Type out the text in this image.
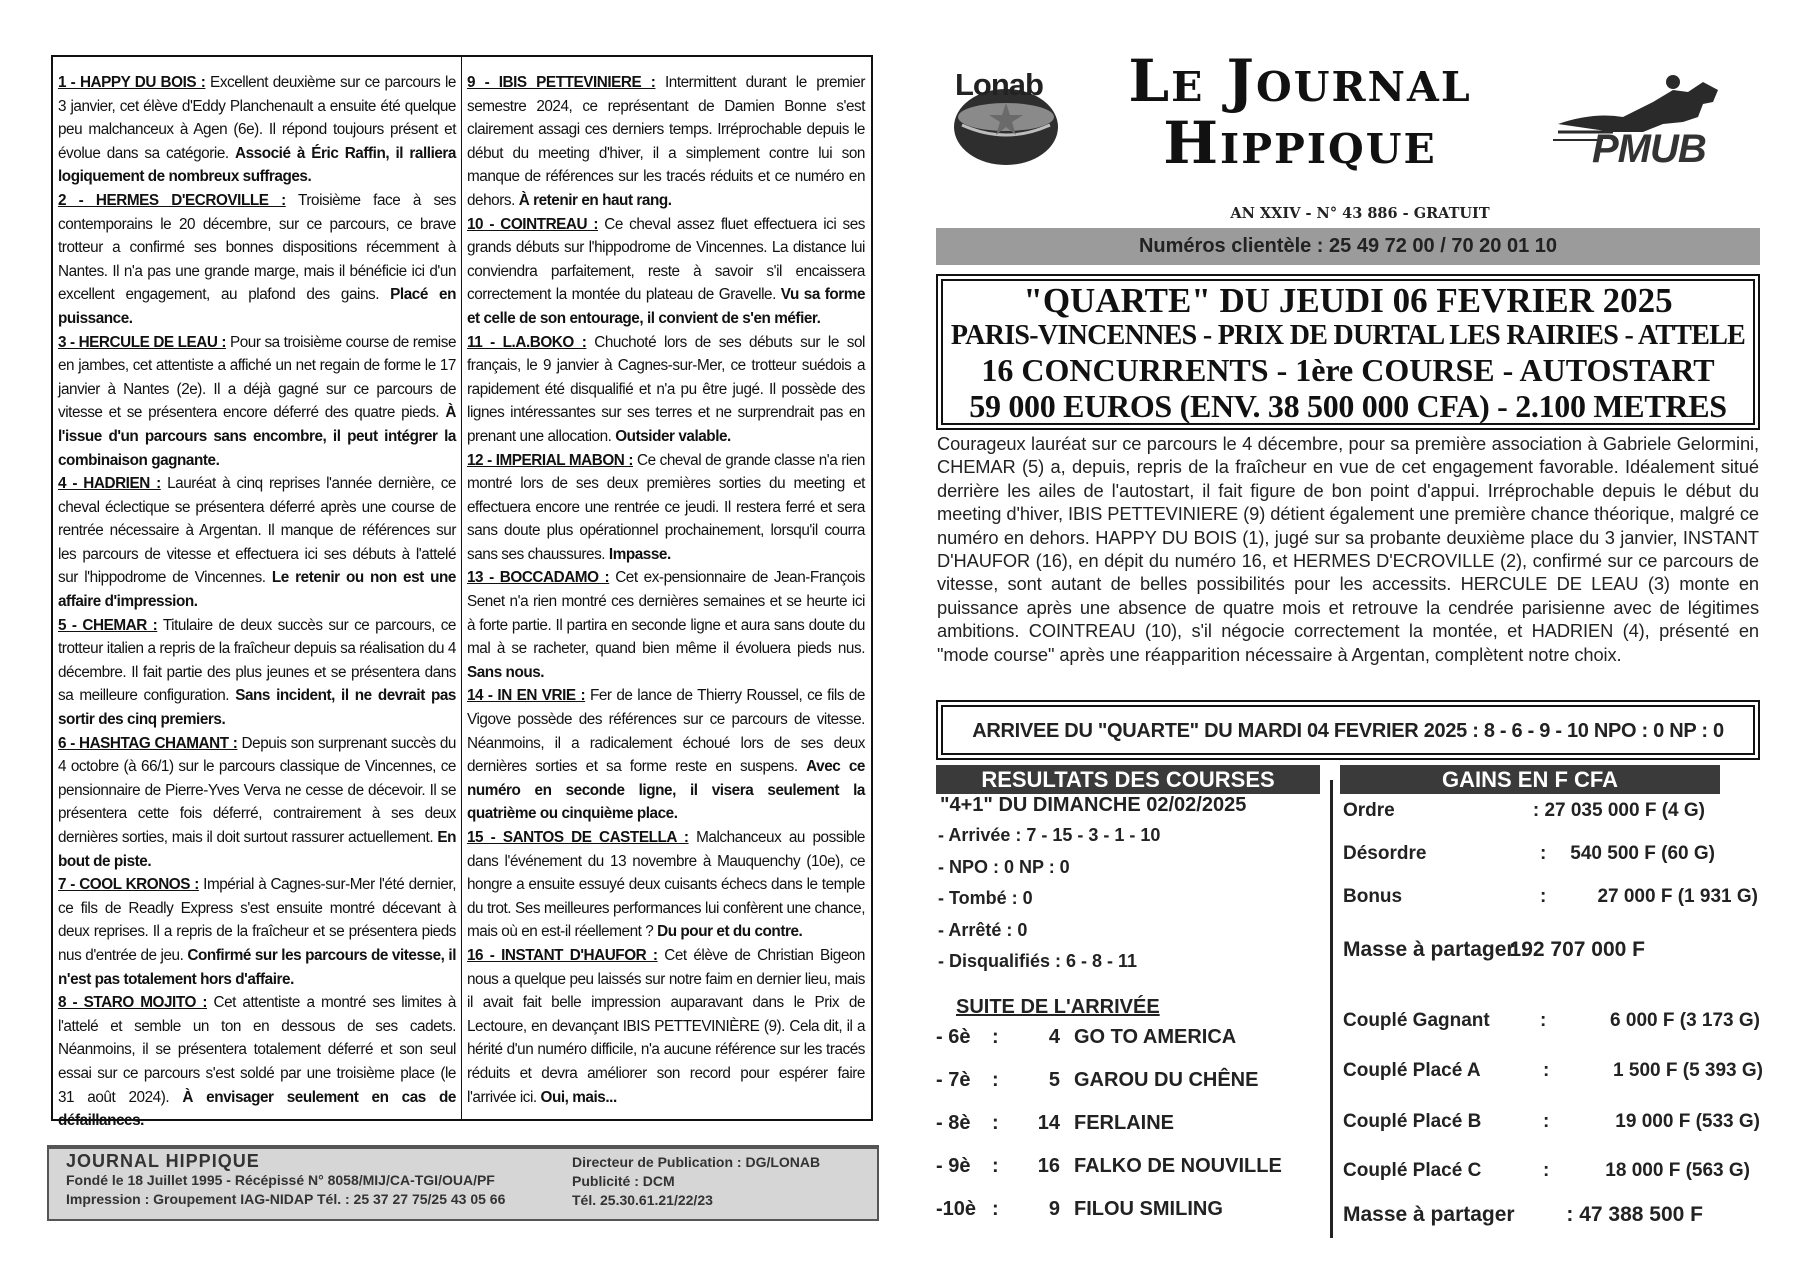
1 - HAPPY DU BOIS : Excellent deuxième sur ce parcours le 3 janvier, cet élève d'Eddy Planchenault a ensuite été quelque peu malchanceux à Agen (6e). Il répond toujours présent et évolue dans sa catégorie. Associé à Éric Raffin, il ralliera logiquement de nombreux suffrages.

2 - HERMES D'ECROVILLE : Troisième face à ses contemporains le 20 décembre, sur ce parcours, ce brave trotteur a confirmé ses bonnes dispositions récemment à Nantes. Il n'a pas une grande marge, mais il bénéficie ici d'un excellent engagement, au plafond des gains. Placé en puissance.

3 - HERCULE DE LEAU : Pour sa troisième course de remise en jambes, cet attentiste a affiché un net regain de forme le 17 janvier à Nantes (2e). Il a déjà gagné sur ce parcours de vitesse et se présentera encore déferré des quatre pieds. À l'issue d'un parcours sans encombre, il peut intégrer la combinaison gagnante.

4 - HADRIEN : Lauréat à cinq reprises l'année dernière, ce cheval éclectique se présentera déferré après une course de rentrée nécessaire à Argentan. Il manque de références sur les parcours de vitesse et effectuera ici ses débuts à l'attelé sur l'hippodrome de Vincennes. Le retenir ou non est une affaire d'impression.

5 - CHEMAR : Titulaire de deux succès sur ce parcours, ce trotteur italien a repris de la fraîcheur depuis sa réalisation du 4 décembre. Il fait partie des plus jeunes et se présentera dans sa meilleure configuration. Sans incident, il ne devrait pas sortir des cinq premiers.

6 - HASHTAG CHAMANT : Depuis son surprenant succès du 4 octobre (à 66/1) sur le parcours classique de Vincennes, ce pensionnaire de Pierre-Yves Verva ne cesse de décevoir. Il se présentera cette fois déferré, contrairement à ses deux dernières sorties, mais il doit surtout rassurer actuellement. En bout de piste.

7 - COOL KRONOS : Impérial à Cagnes-sur-Mer l'été dernier, ce fils de Readly Express s'est ensuite montré décevant à deux reprises. Il a repris de la fraîcheur et se présentera pieds nus d'entrée de jeu. Confirmé sur les parcours de vitesse, il n'est pas totalement hors d'affaire.

8 - STARO MOJITO : Cet attentiste a montré ses limites à l'attelé et semble un ton en dessous de ses cadets. Néanmoins, il se présentera totalement déferré et son seul essai sur ce parcours s'est soldé par une troisième place (le 31 août 2024). À envisager seulement en cas de défaillances.

9 - IBIS PETTEVINIERE : Intermittent durant le premier semestre 2024, ce représentant de Damien Bonne s'est clairement assagi ces derniers temps. Irréprochable depuis le début du meeting d'hiver, il a simplement contre lui son manque de références sur les tracés réduits et ce numéro en dehors. À retenir en haut rang.

10 - COINTREAU : Ce cheval assez fluet effectuera ici ses grands débuts sur l'hippodrome de Vincennes. La distance lui conviendra parfaitement, reste à savoir s'il encaissera correctement la montée du plateau de Gravelle. Vu sa forme et celle de son entourage, il convient de s'en méfier.

11 - L.A.BOKO : Chuchoté lors de ses débuts sur le sol français, le 9 janvier à Cagnes-sur-Mer, ce trotteur suédois a rapidement été disqualifié et n'a pu être jugé. Il possède des lignes intéressantes sur ses terres et ne surprendrait pas en prenant une allocation. Outsider valable.

12 - IMPERIAL MABON : Ce cheval de grande classe n'a rien montré lors de ses deux premières sorties du meeting et effectuera encore une rentrée ce jeudi. Il restera ferré et sera sans doute plus opérationnel prochainement, lorsqu'il courra sans ses chaussures. Impasse.

13 - BOCCADAMO : Cet ex-pensionnaire de Jean-François Senet n'a rien montré ces dernières semaines et se heurte ici à forte partie. Il partira en seconde ligne et aura sans doute du mal à se racheter, quand bien même il évoluera pieds nus. Sans nous.

14 - IN EN VRIE : Fer de lance de Thierry Roussel, ce fils de Vigove possède des références sur ce parcours de vitesse. Néanmoins, il a radicalement échoué lors de ses deux dernières sorties et sa forme reste en suspens. Avec ce numéro en seconde ligne, il visera seulement la quatrième ou cinquième place.

15 - SANTOS DE CASTELLA : Malchanceux au possible dans l'événement du 13 novembre à Mauquenchy (10e), ce hongre a ensuite essuyé deux cuisants échecs dans le temple du trot. Ses meilleures performances lui confèrent une chance, mais où en est-il réellement ? Du pour et du contre.

16 - INSTANT D'HAUFOR : Cet élève de Christian Bigeon nous a quelque peu laissés sur notre faim en dernier lieu, mais il avait fait belle impression auparavant dans le Prix de Lectoure, en devançant IBIS PETTEVINIÈRE (9). Cela dit, il a hérité d'un numéro difficile, n'a aucune référence sur les tracés réduits et devra améliorer son record pour espérer faire l'arrivée ici. Oui, mais...

JOURNAL HIPPIQUE
Fondé le 18 Juillet 1995 - Récépissé N° 8058/MIJ/CA-TGI/OUA/PF
Impression : Groupement IAG-NIDAP Tél. : 25 37 27 75/25 43 05 66
Directeur de Publication : DG/LONAB
Publicité : DCM
Tél. 25.30.61.21/22/23
Lonab	Le Journal
Hippique	PMUB
AN XXIV - N° 43 886 - GRATUIT
Numéros clientèle : 25 49 72 00 / 70 20 01 10
"QUARTE" DU JEUDI 06 FEVRIER 2025
PARIS-VINCENNES - PRIX DE DURTAL LES RAIRIES - ATTELE
16 CONCURRENTS - 1ère COURSE - AUTOSTART
59 000 EUROS (ENV. 38 500 000 CFA) - 2.100 METRES
Courageux lauréat sur ce parcours le 4 décembre, pour sa première association à Gabriele Gelormini, CHEMAR (5) a, depuis, repris de la fraîcheur en vue de cet engagement favorable. Idéalement situé derrière les ailes de l'autostart, il fait figure de bon point d'appui. Irréprochable depuis le début du meeting d'hiver, IBIS PETTEVINIERE (9) détient également une première chance théorique, malgré ce numéro en dehors. HAPPY DU BOIS (1), jugé sur sa probante deuxième place du 3 janvier, INSTANT D'HAUFOR (16), en dépit du numéro 16, et HERMES D'ECROVILLE (2), confirmé sur ce parcours de vitesse, sont autant de belles possibilités pour les accessits. HERCULE DE LEAU (3) monte en puissance après une absence de quatre mois et retrouve la cendrée parisienne avec de légitimes ambitions. COINTREAU (10), s'il négocie correctement la montée, et HADRIEN (4), présenté en "mode course" après une réapparition nécessaire à Argentan, complètent notre choix.
ARRIVEE DU "QUARTE" DU MARDI 04 FEVRIER 2025 : 8 - 6 - 9 - 10 NPO : 0 NP : 0
RESULTATS DES COURSES	GAINS EN F CFA
"4+1" DU DIMANCHE 02/02/2025
- Arrivée : 7 - 15 - 3 - 1 - 10
- NPO : 0 NP : 0
- Tombé : 0
- Arrêté : 0
- Disqualifiés : 6 - 8 - 11
SUITE DE L'ARRIVÉE
- 6è :	4 GO TO AMERICA
- 7è :	5 GAROU DU CHÊNE
- 8è : 14 FERLAINE
- 9è : 16 FALKO DE NOUVILLE
-10è :	9 FILOU SMILING
Ordre	: 27 035 000 F (4 G)
Désordre	: 540 500 F (60 G)
Bonus	:	27 000 F (1 931 G)
Masse à partager :
192 707 000 F
Couplé Gagnant	:	6 000 F (3 173 G)
Couplé Placé A	:	1 500 F (5 393 G)
Couplé Placé B	:	19 000 F (533 G)
Couplé Placé C	:	18 000 F (563 G)
Masse à partager : 47 388 500 F
